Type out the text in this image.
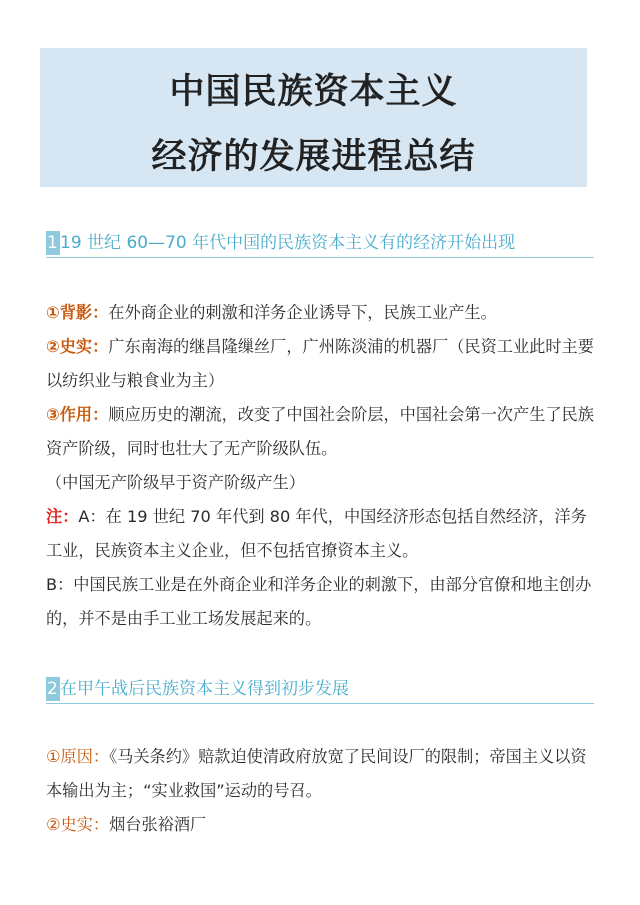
中国民族资本主义
经济的发展进程总结
1 19 世纪 60—70 年代中国的民族资本主义有的经济开始出现
①背影：在外商企业的刺激和洋务企业诱导下，民族工业产生。
②史实：广东南海的继昌隆缫丝厂，广州陈淡浦的机器厂（民资工业此时主要以纺织业与粮食业为主）
③作用：顺应历史的潮流，改变了中国社会阶层，中国社会第一次产生了民族资产阶级，同时也壮大了无产阶级队伍。
（中国无产阶级早于资产阶级产生）
注：A：在 19 世纪 70 年代到 80 年代，中国经济形态包括自然经济，洋务工业，民族资本主义企业，但不包括官撩资本主义。
B：中国民族工业是在外商企业和洋务企业的刺激下，由部分官僚和地主创办的，并不是由手工业工场发展起来的。
2 在甲午战后民族资本主义得到初步发展
①原因：《马关条约》赔款迫使清政府放宽了民间设厂的限制；帝国主义以资本输出为主；“实业救国”运动的号召。
②史实：烟台张裕酒厂
